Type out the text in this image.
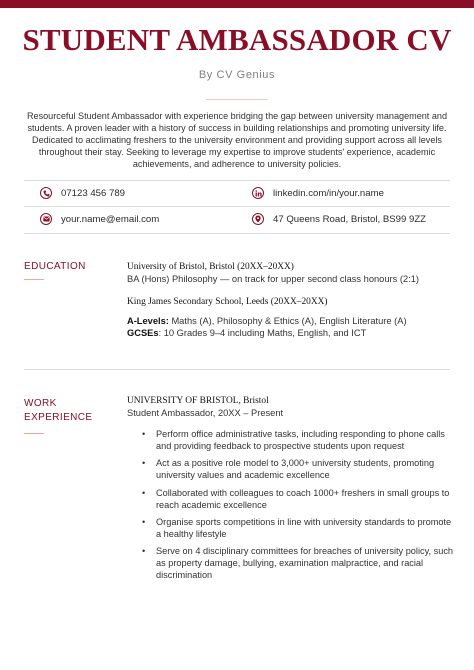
STUDENT AMBASSADOR CV
By CV Genius
Resourceful Student Ambassador with experience bridging the gap between university management and students. A proven leader with a history of success in building relationships and promoting university life. Dedicated to acclimating freshers to the university environment and providing support across all levels throughout their stay. Seeking to leverage my expertise to improve students' experience, academic achievements, and adherence to university policies.
07123 456 789	linkedin.com/in/your.name
your.name@email.com	47 Queens Road, Bristol, BS99 9ZZ
EDUCATION	University of Bristol, Bristol (20XX–20XX)
BA (Hons) Philosophy — on track for upper second class honours (2:1)
King James Secondary School, Leeds (20XX–20XX)
A-Levels: Maths (A), Philosophy & Ethics (A), English Literature (A)
GCSEs: 10 Grades 9–4 including Maths, English, and ICT
WORK
EXPERIENCE
UNIVERSITY OF BRISTOL, Bristol
Student Ambassador, 20XX – Present
• Perform office administrative tasks, including responding to phone calls and providing feedback to prospective students upon request
• Act as a positive role model to 3,000+ university students, promoting university values and academic excellence
• Collaborated with colleagues to coach 1000+ freshers in small groups to reach academic excellence
• Organise sports competitions in line with university standards to promote a healthy lifestyle
• Serve on 4 disciplinary committees for breaches of university policy, such as property damage, bullying, examination malpractice, and racial discrimination
